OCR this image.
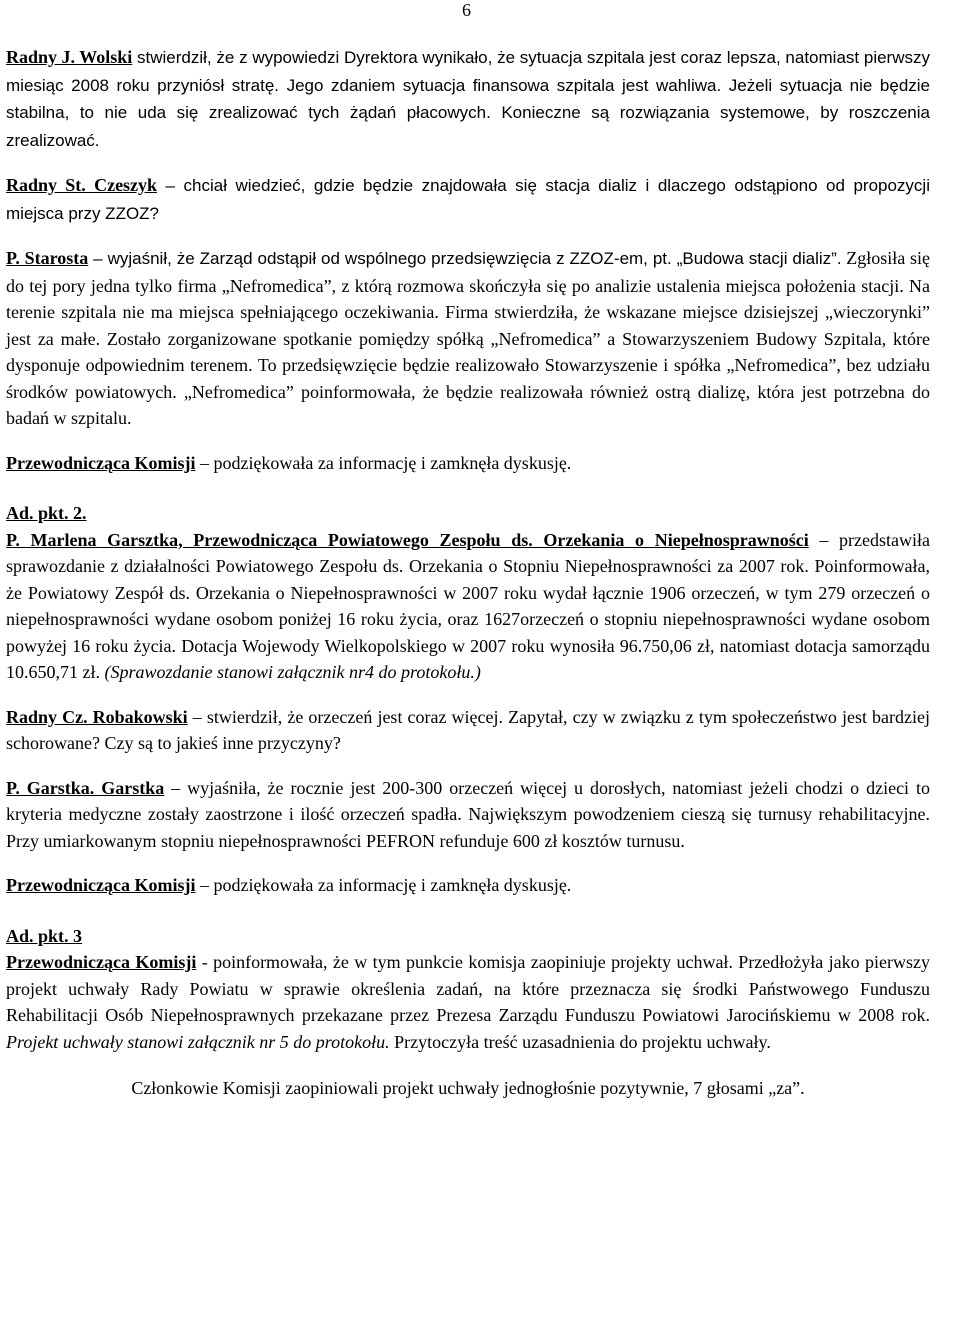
6

Radny J. Wolski stwierdził, że z wypowiedzi Dyrektora wynikało, że sytuacja szpitala jest coraz lepsza, natomiast pierwszy miesiąc 2008 roku przyniósł stratę. Jego zdaniem sytuacja finansowa szpitala jest wahliwa. Jeżeli sytuacja nie będzie stabilna, to nie uda się zrealizować tych żądań płacowych. Konieczne są rozwiązania systemowe, by roszczenia zrealizować.

Radny St. Czeszyk – chciał wiedzieć, gdzie będzie znajdowała się stacja dializ i dlaczego odstąpiono od propozycji miejsca przy ZZOZ?

P. Starosta – wyjaśnił, że Zarząd odstąpił od wspólnego przedsięwzięcia z ZZOZ-em, pt. „Budowa stacji dializ”. Zgłosiła się do tej pory jedna tylko firma „Nefromedica”, z którą rozmowa skończyła się po analizie ustalenia miejsca położenia stacji. Na terenie szpitala nie ma miejsca spełniającego oczekiwania. Firma stwierdziła, że wskazane miejsce dzisiejszej „wieczorynki” jest za małe. Zostało zorganizowane spotkanie pomiędzy spółką „Nefromedica” a Stowarzyszeniem Budowy Szpitala, które dysponuje odpowiednim terenem. To przedsięwzięcie będzie realizowało Stowarzyszenie i spółka „Nefromedica”, bez udziału środków powiatowych. „Nefromedica” poinformowała, że będzie realizowała również ostrą dializę, która jest potrzebna do badań w szpitalu.

Przewodnicząca Komisji – podziękowała za informację i zamknęła dyskusję.

Ad. pkt. 2.

P. Marlena Garsztka, Przewodnicząca Powiatowego Zespołu ds. Orzekania o Niepełnosprawności – przedstawiła sprawozdanie z działalności Powiatowego Zespołu ds. Orzekania o Stopniu Niepełnosprawności za 2007 rok. Poinformowała, że Powiatowy Zespół ds. Orzekania o Niepełnosprawności w 2007 roku wydał łącznie 1906 orzeczeń, w tym 279 orzeczeń o niepełnosprawności wydane osobom poniżej 16 roku życia, oraz 1627orzeczeń o stopniu niepełnosprawności wydane osobom powyżej 16 roku życia. Dotacja Wojewody Wielkopolskiego w 2007 roku wynosiła 96.750,06 zł, natomiast dotacja samorządu 10.650,71 zł. (Sprawozdanie stanowi załącznik nr4 do protokołu.)

Radny Cz. Robakowski – stwierdził, że orzeczeń jest coraz więcej. Zapytał, czy w związku z tym społeczeństwo jest bardziej schorowane? Czy są to jakieś inne przyczyny?

P. Garstka. Garstka – wyjaśniła, że rocznie jest 200-300 orzeczeń więcej u dorosłych, natomiast jeżeli chodzi o dzieci to kryteria medyczne zostały zaostrzone i ilość orzeczeń spadła. Największym powodzeniem cieszą się turnusy rehabilitacyjne. Przy umiarkowanym stopniu niepełnosprawności PEFRON refunduje 600 zł kosztów turnusu.

Przewodnicząca Komisji – podziękowała za informację i zamknęła dyskusję.

Ad. pkt. 3

Przewodnicząca Komisji - poinformowała, że w tym punkcie komisja zaopiniuje projekty uchwał. Przedłożyła jako pierwszy projekt uchwały Rady Powiatu w sprawie określenia zadań, na które przeznacza się środki Państwowego Funduszu Rehabilitacji Osób Niepełnosprawnych przekazane przez Prezesa Zarządu Funduszu Powiatowi Jarocińskiemu w 2008 rok. Projekt uchwały stanowi załącznik nr 5 do protokołu. Przytoczyła treść uzasadnienia do projektu uchwały.

Członkowie Komisji zaopiniowali projekt uchwały jednogłośnie pozytywnie, 7 głosami „za”.
